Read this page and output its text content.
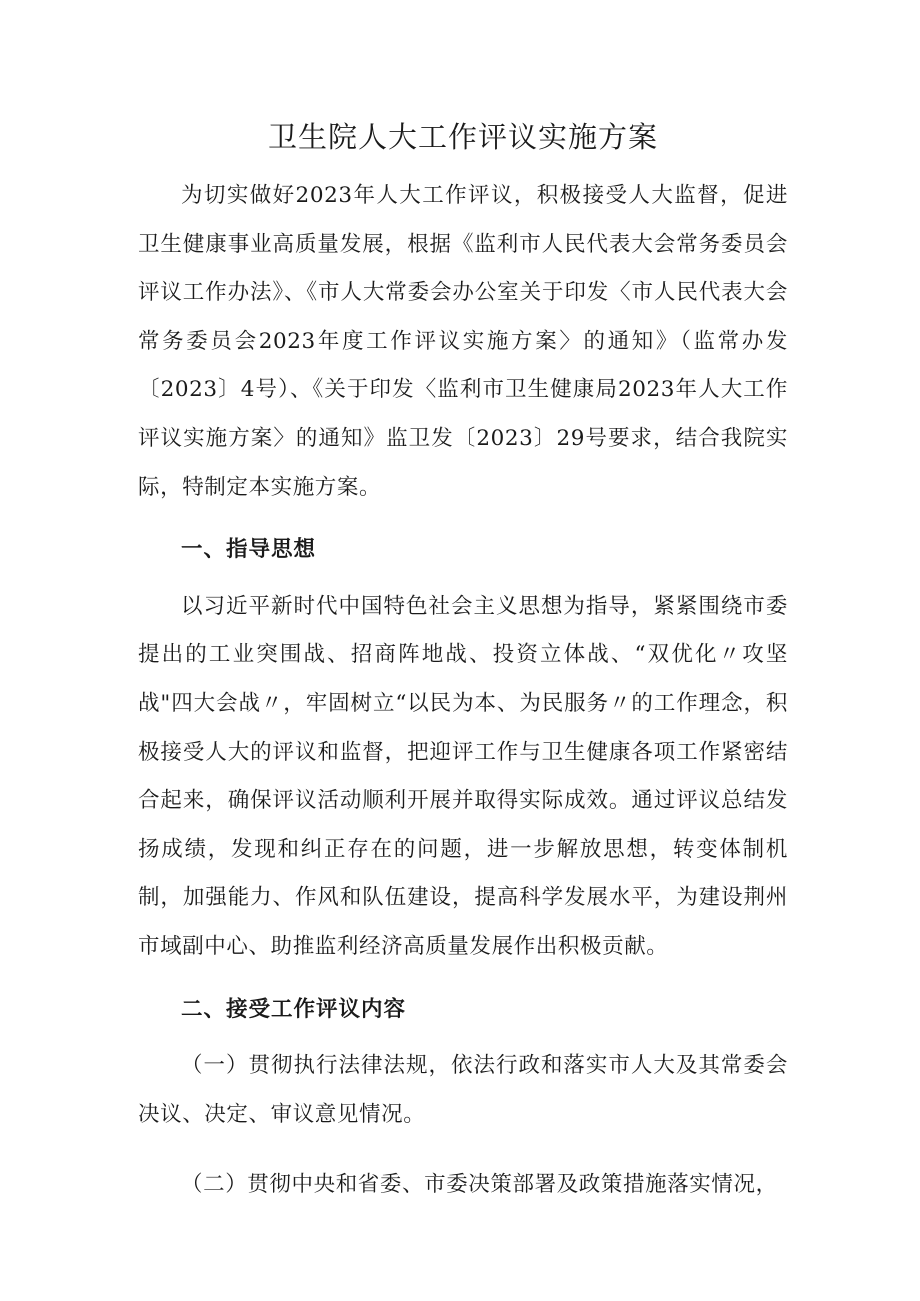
卫生院人大工作评议实施方案

为切实做好2023年人大工作评议，积极接受人大监督，促进卫生健康事业高质量发展，根据《监利市人民代表大会常务委员会评议工作办法》、《市人大常委会办公室关于印发〈市人民代表大会常务委员会2023年度工作评议实施方案〉的通知》（监常办发〔2023〕4号）、《关于印发〈监利市卫生健康局2023年人大工作评议实施方案〉的通知》监卫发〔2023〕29号要求，结合我院实际，特制定本实施方案。

一、指导思想

以习近平新时代中国特色社会主义思想为指导，紧紧围绕市委提出的工业突围战、招商阵地战、投资立体战、“双优化〃攻坚战"四大会战〃，牢固树立“以民为本、为民服务〃的工作理念，积极接受人大的评议和监督，把迎评工作与卫生健康各项工作紧密结合起来，确保评议活动顺利开展并取得实际成效。通过评议总结发扬成绩，发现和纠正存在的问题，进一步解放思想，转变体制机制，加强能力、作风和队伍建设，提高科学发展水平，为建设荆州市域副中心、助推监利经济高质量发展作出积极贡献。

二、接受工作评议内容

（一）贯彻执行法律法规，依法行政和落实市人大及其常委会决议、决定、审议意见情况。

（二）贯彻中央和省委、市委决策部署及政策措施落实情况，
